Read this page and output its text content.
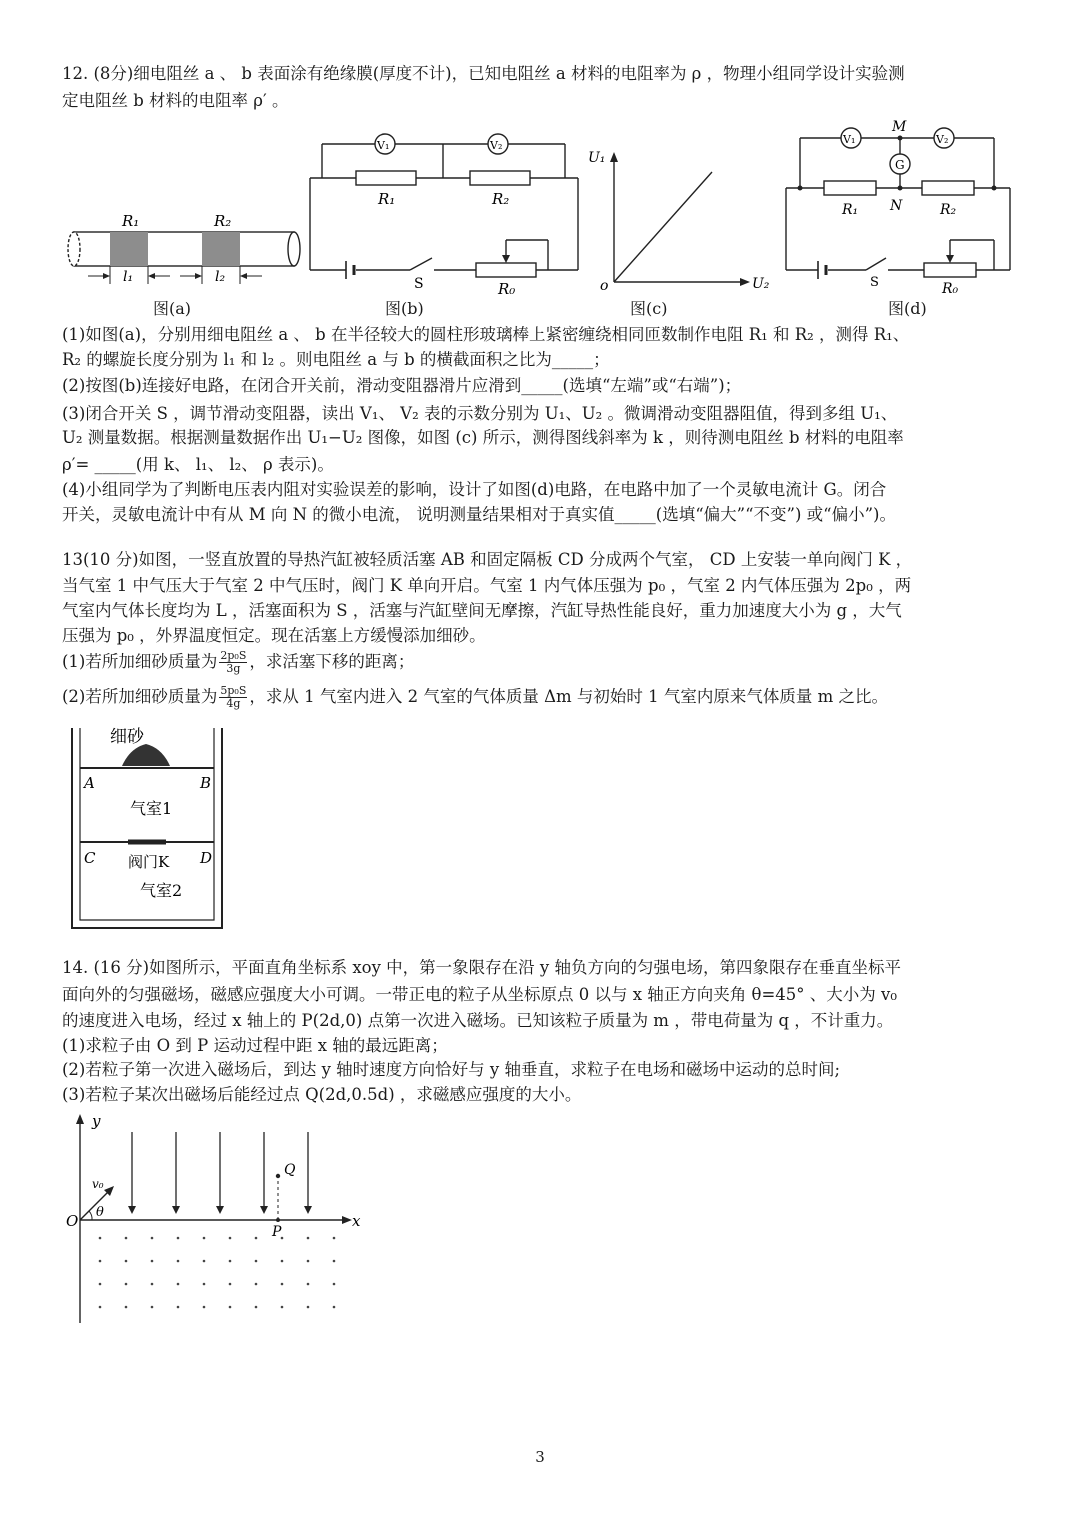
12. (8分)细电阻丝 a 、 b 表面涂有绝缘膜(厚度不计)，已知电阻丝 a 材料的电阻率为 ρ ，物理小组同学设计实验测
定电阻丝 b 材料的电阻率 ρ′ 。
R₁	R₂
l₁	l₂
图(a)
V₁	V₂
R₁	R₂
S	R₀
图(b)
U₁
U₂
o
图(c)
V₁	V₂
M
G
N
R₁	R₂
S	R₀
图(d)
(1)如图(a)，分别用细电阻丝 a 、 b 在半径较大的圆柱形玻璃棒上紧密缠绕相同匝数制作电阻 R₁ 和 R₂ ，测得 R₁、
R₂ 的螺旋长度分别为 l₁ 和 l₂ 。则电阻丝 a 与 b 的横截面积之比为_____；
(2)按图(b)连接好电路，在闭合开关前，滑动变阻器滑片应滑到_____(选填“左端”或“右端”)；
(3)闭合开关 S ，调节滑动变阻器，读出 V₁、 V₂ 表的示数分别为 U₁、U₂ 。微调滑动变阻器阻值，得到多组 U₁、
U₂ 测量数据。根据测量数据作出 U₁−U₂ 图像，如图 (c) 所示，测得图线斜率为 k ，则待测电阻丝 b 材料的电阻率
ρ′= _____(用 k、 l₁、 l₂、 ρ 表示)。
(4)小组同学为了判断电压表内阻对实验误差的影响，设计了如图(d)电路，在电路中加了一个灵敏电流计 G。闭合
开关，灵敏电流计中有从 M 向 N 的微小电流， 说明测量结果相对于真实值_____(选填“偏大”“不变”) 或“偏小”)。
13(10 分)如图，一竖直放置的导热汽缸被轻质活塞 AB 和固定隔板 CD 分成两个气室， CD 上安装一单向阀门 K ，
当气室 1 中气压大于气室 2 中气压时，阀门 K 单向开启。气室 1 内气体压强为 p₀ ，气室 2 内气体压强为 2p₀ ，两
气室内气体长度均为 L ，活塞面积为 S ，活塞与汽缸壁间无摩擦，汽缸导热性能良好，重力加速度大小为 g ，大气
压强为 p₀ ，外界温度恒定。现在活塞上方缓慢添加细砂。
(1)若所加细砂质量为 $\frac{\text{2p₀S}}{3g}$ ，求活塞下移的距离；
(2)若所加细砂质量为 $\frac{\text{5p₀S}}{4g}$ ，求从 1 气室内进入 2 气室的气体质量 Δm 与初始时 1 气室内原来气体质量 m 之比。
细砂
A	B
气室1
C	D
阀门K
气室2
14. (16 分)如图所示，平面直角坐标系 xoy 中，第一象限存在沿 y 轴负方向的匀强电场，第四象限存在垂直坐标平
面向外的匀强磁场，磁感应强度大小可调。一带正电的粒子从坐标原点 0 以与 x 轴正方向夹角 θ=45° 、大小为 v₀
的速度进入电场，经过 x 轴上的 P(2d,0) 点第一次进入磁场。已知该粒子质量为 m ，带电荷量为 q ，不计重力。
(1)求粒子由 O 到 P 运动过程中距 x 轴的最远距离；
(2)若粒子第一次进入磁场后，到达 y 轴时速度方向恰好与 y 轴垂直，求粒子在电场和磁场中运动的总时间;
(3)若粒子某次出磁场后能经过点 Q(2d,0.5d) ，求磁感应强度的大小。
y
x
O
v₀
θ
Q
P
3
